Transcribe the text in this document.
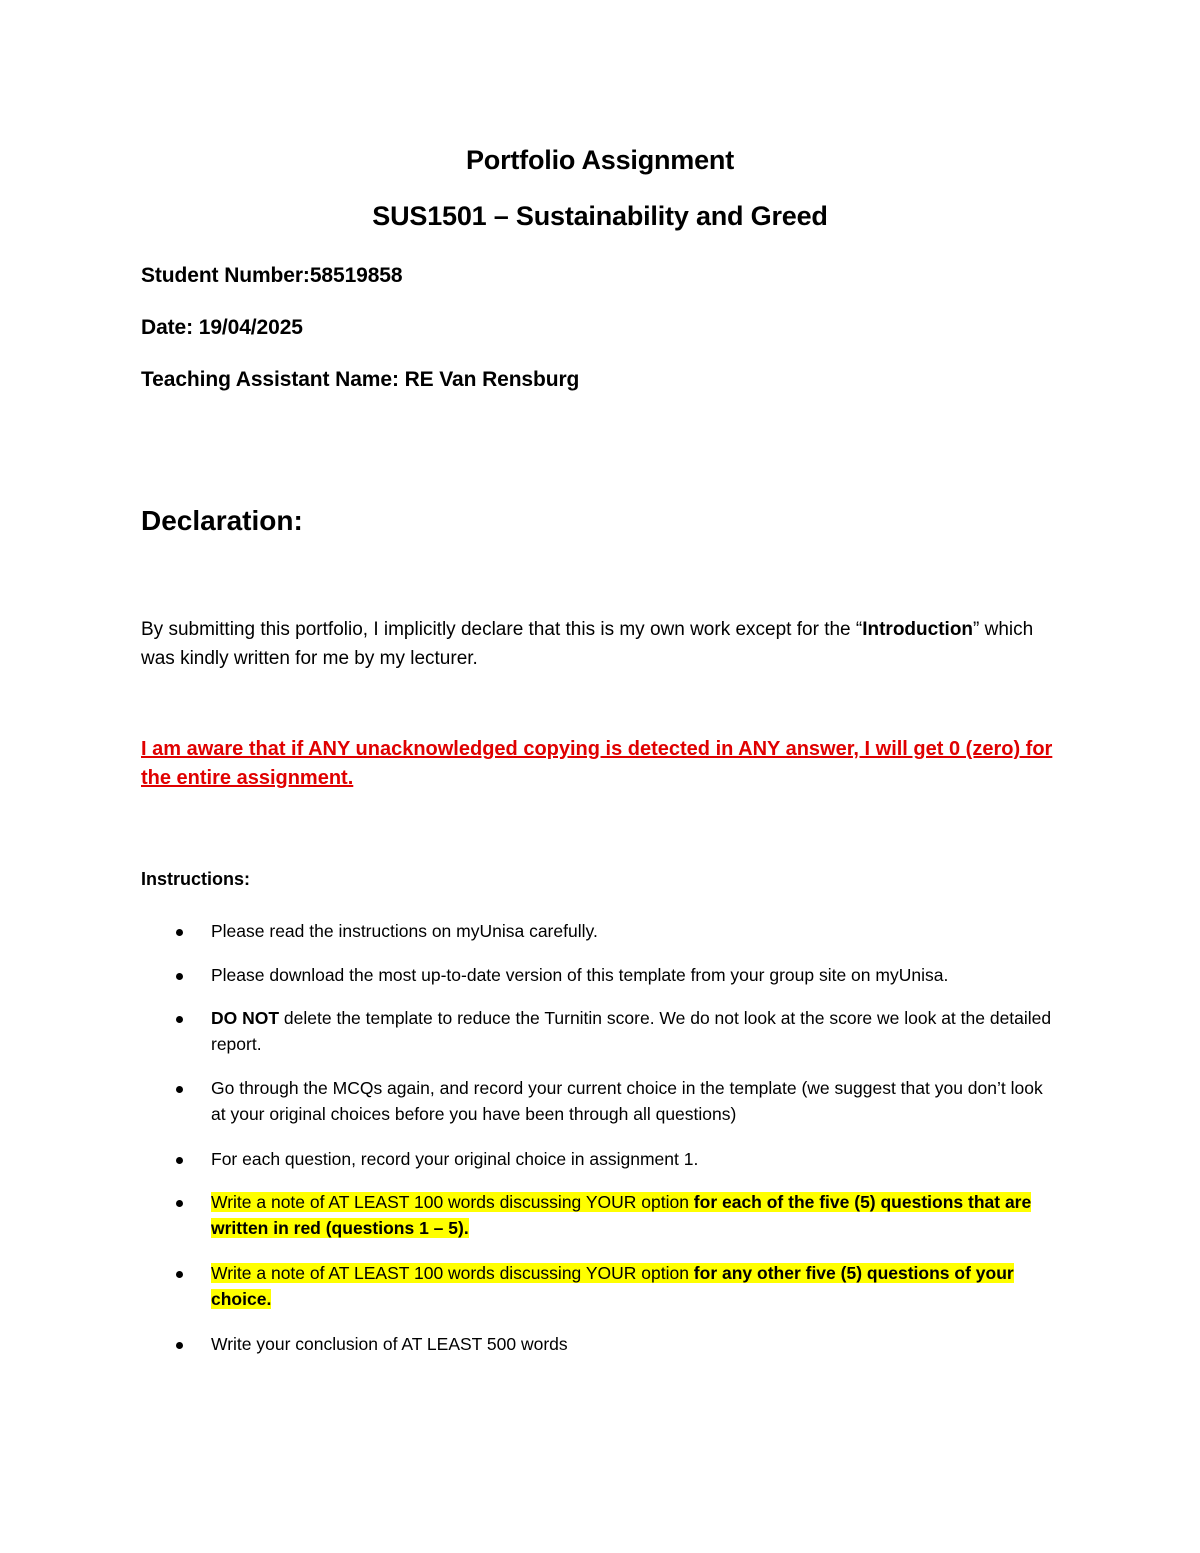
Portfolio Assignment
SUS1501 – Sustainability and Greed
Student Number:58519858
Date: 19/04/2025
Teaching Assistant Name: RE Van Rensburg
Declaration:
By submitting this portfolio, I implicitly declare that this is my own work except for the “Introduction” which was kindly written for me by my lecturer.
I am aware that if ANY unacknowledged copying is detected in ANY answer, I will get 0 (zero) for the entire assignment.
Instructions:
Please read the instructions on myUnisa carefully.
Please download the most up-to-date version of this template from your group site on myUnisa.
DO NOT delete the template to reduce the Turnitin score. We do not look at the score we look at the detailed report.
Go through the MCQs again, and record your current choice in the template (we suggest that you don’t look at your original choices before you have been through all questions)
For each question, record your original choice in assignment 1.
Write a note of AT LEAST 100 words discussing YOUR option for each of the five (5) questions that are written in red (questions 1 – 5).
Write a note of AT LEAST 100 words discussing YOUR option for any other five (5) questions of your choice.
Write your conclusion of AT LEAST 500 words
